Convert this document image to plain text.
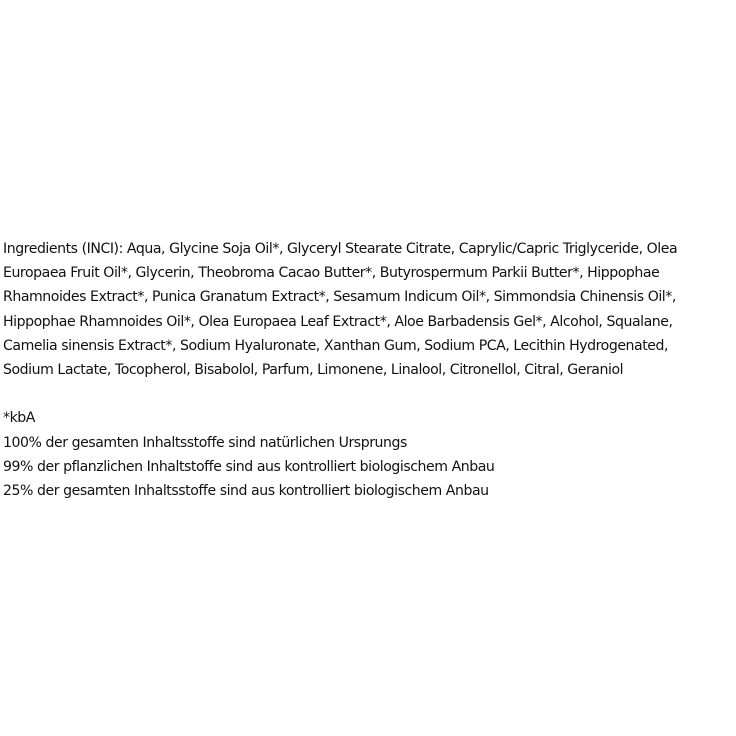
Ingredients (INCI): Aqua, Glycine Soja Oil*, Glyceryl Stearate Citrate, Caprylic/Capric Triglyceride, Olea
Europaea Fruit Oil*, Glycerin, Theobroma Cacao Butter*, Butyrospermum Parkii Butter*, Hippophae
Rhamnoides Extract*, Punica Granatum Extract*, Sesamum Indicum Oil*, Simmondsia Chinensis Oil*,
Hippophae Rhamnoides Oil*, Olea Europaea Leaf Extract*, Aloe Barbadensis Gel*, Alcohol, Squalane,
Camelia sinensis Extract*, Sodium Hyaluronate, Xanthan Gum, Sodium PCA, Lecithin Hydrogenated,
Sodium Lactate, Tocopherol, Bisabolol, Parfum, Limonene, Linalool, Citronellol, Citral, Geraniol

*kbA
100% der gesamten Inhaltsstoffe sind natürlichen Ursprungs
99% der pflanzlichen Inhaltstoffe sind aus kontrolliert biologischem Anbau
25% der gesamten Inhaltsstoffe sind aus kontrolliert biologischem Anbau
